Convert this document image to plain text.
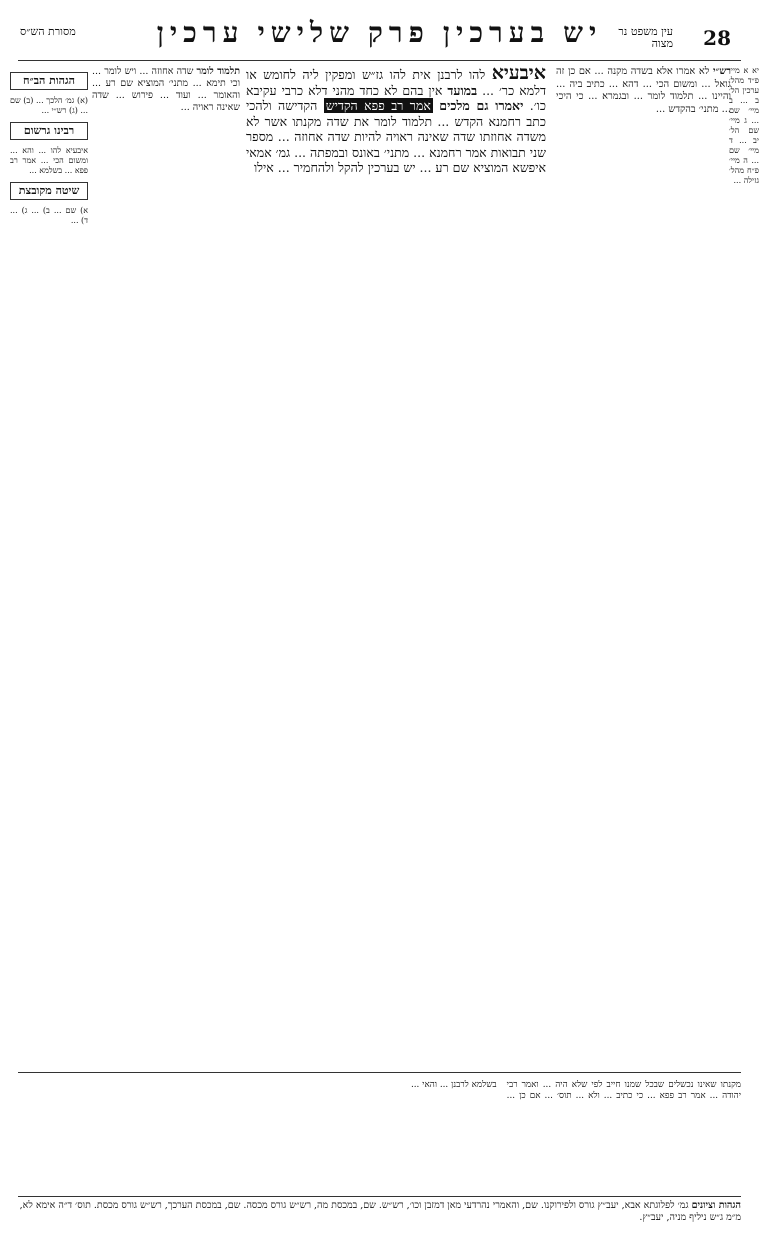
28
יש בערכין פרק שלישי ערכין	עין משפט נר מצוה
מסורת הש״ס
יא א מיי׳ פ״ד מהל׳ ערכין הל׳ ב ... ב מיי׳ שם ... ג מיי׳ שם הל׳ יב ... ד מיי׳ שם ... ה מיי׳ פ״ח מהל׳ גזילה ...
רש״י לא אמרו אלא בשדה מקנה ... אם כן זה גואל ... ומשום הכי ... דהא ... כתיב ביה ... והיינו ... תלמוד לומר ... ובגמרא ... כי היכי ... מתני׳ בהקדש ...
איבעיא להו לרבנן אית להו גז״ש ומפקין ליה לחומש או דלמא כר׳ ... במועד אין בהם לא כחד מהני דלא כרבי עקיבא כו׳. יאמרו גם מלכים אמר רב פפא הקדיש הקדישה ולהכי כתב רחמנא הקדש ... תלמוד לומר את שדה מקנתו אשר לא משדה אחוזתו שדה שאינה ראויה להיות שדה אחוזה ... מספר שני תבואות אמר רחמנא ... מתני׳ באונס ובמפתה ... גמ׳ אמאי איפשא המוציא שם רע ... יש בערכין להקל ולהחמיר ... אילו
תלמוד לומר שדה אחוזה ... ויש לומר ... וכי תימא ... מתני׳ המוציא שם רע ... והאומר ... ועוד ... פירוש ... שדה שאינה ראויה ...
הגהות הב״ח
(א) גמ׳ הלכך ... (ב) שם ... (ג) רש״י ...
רבינו גרשום
איבעיא להו ... והא ... ומשום הכי ... אמר רב פפא ... בשלמא ...
שיטה מקובצת
א) שם ... ב) ... ג) ... ד) ...
מקנתו שאינו נכשלים שבכל שמנו חייב לפי שלא היה ... ואמר רבי יהודה ... אמר רב פפא ... כי כתיב ... ולא ... תוס׳ ... אם כן ... בשלמא לרבנן ... והאי ...
הגהות וציונים גמ׳ לפלוגתא אבא, יעב״ץ גורס ולפירוקנו. שם, והאמרי נהרדעי מאן דמזבן וכו׳, רש״ש. שם, במכסת מה, רש״ש גורס מכסה. שם, במכסת הערכך, רש״ש גורס מכסת. תוס׳ ד״ה אימא לא, מ״מ ג״ש ניליף מניה, יעב״ץ.
